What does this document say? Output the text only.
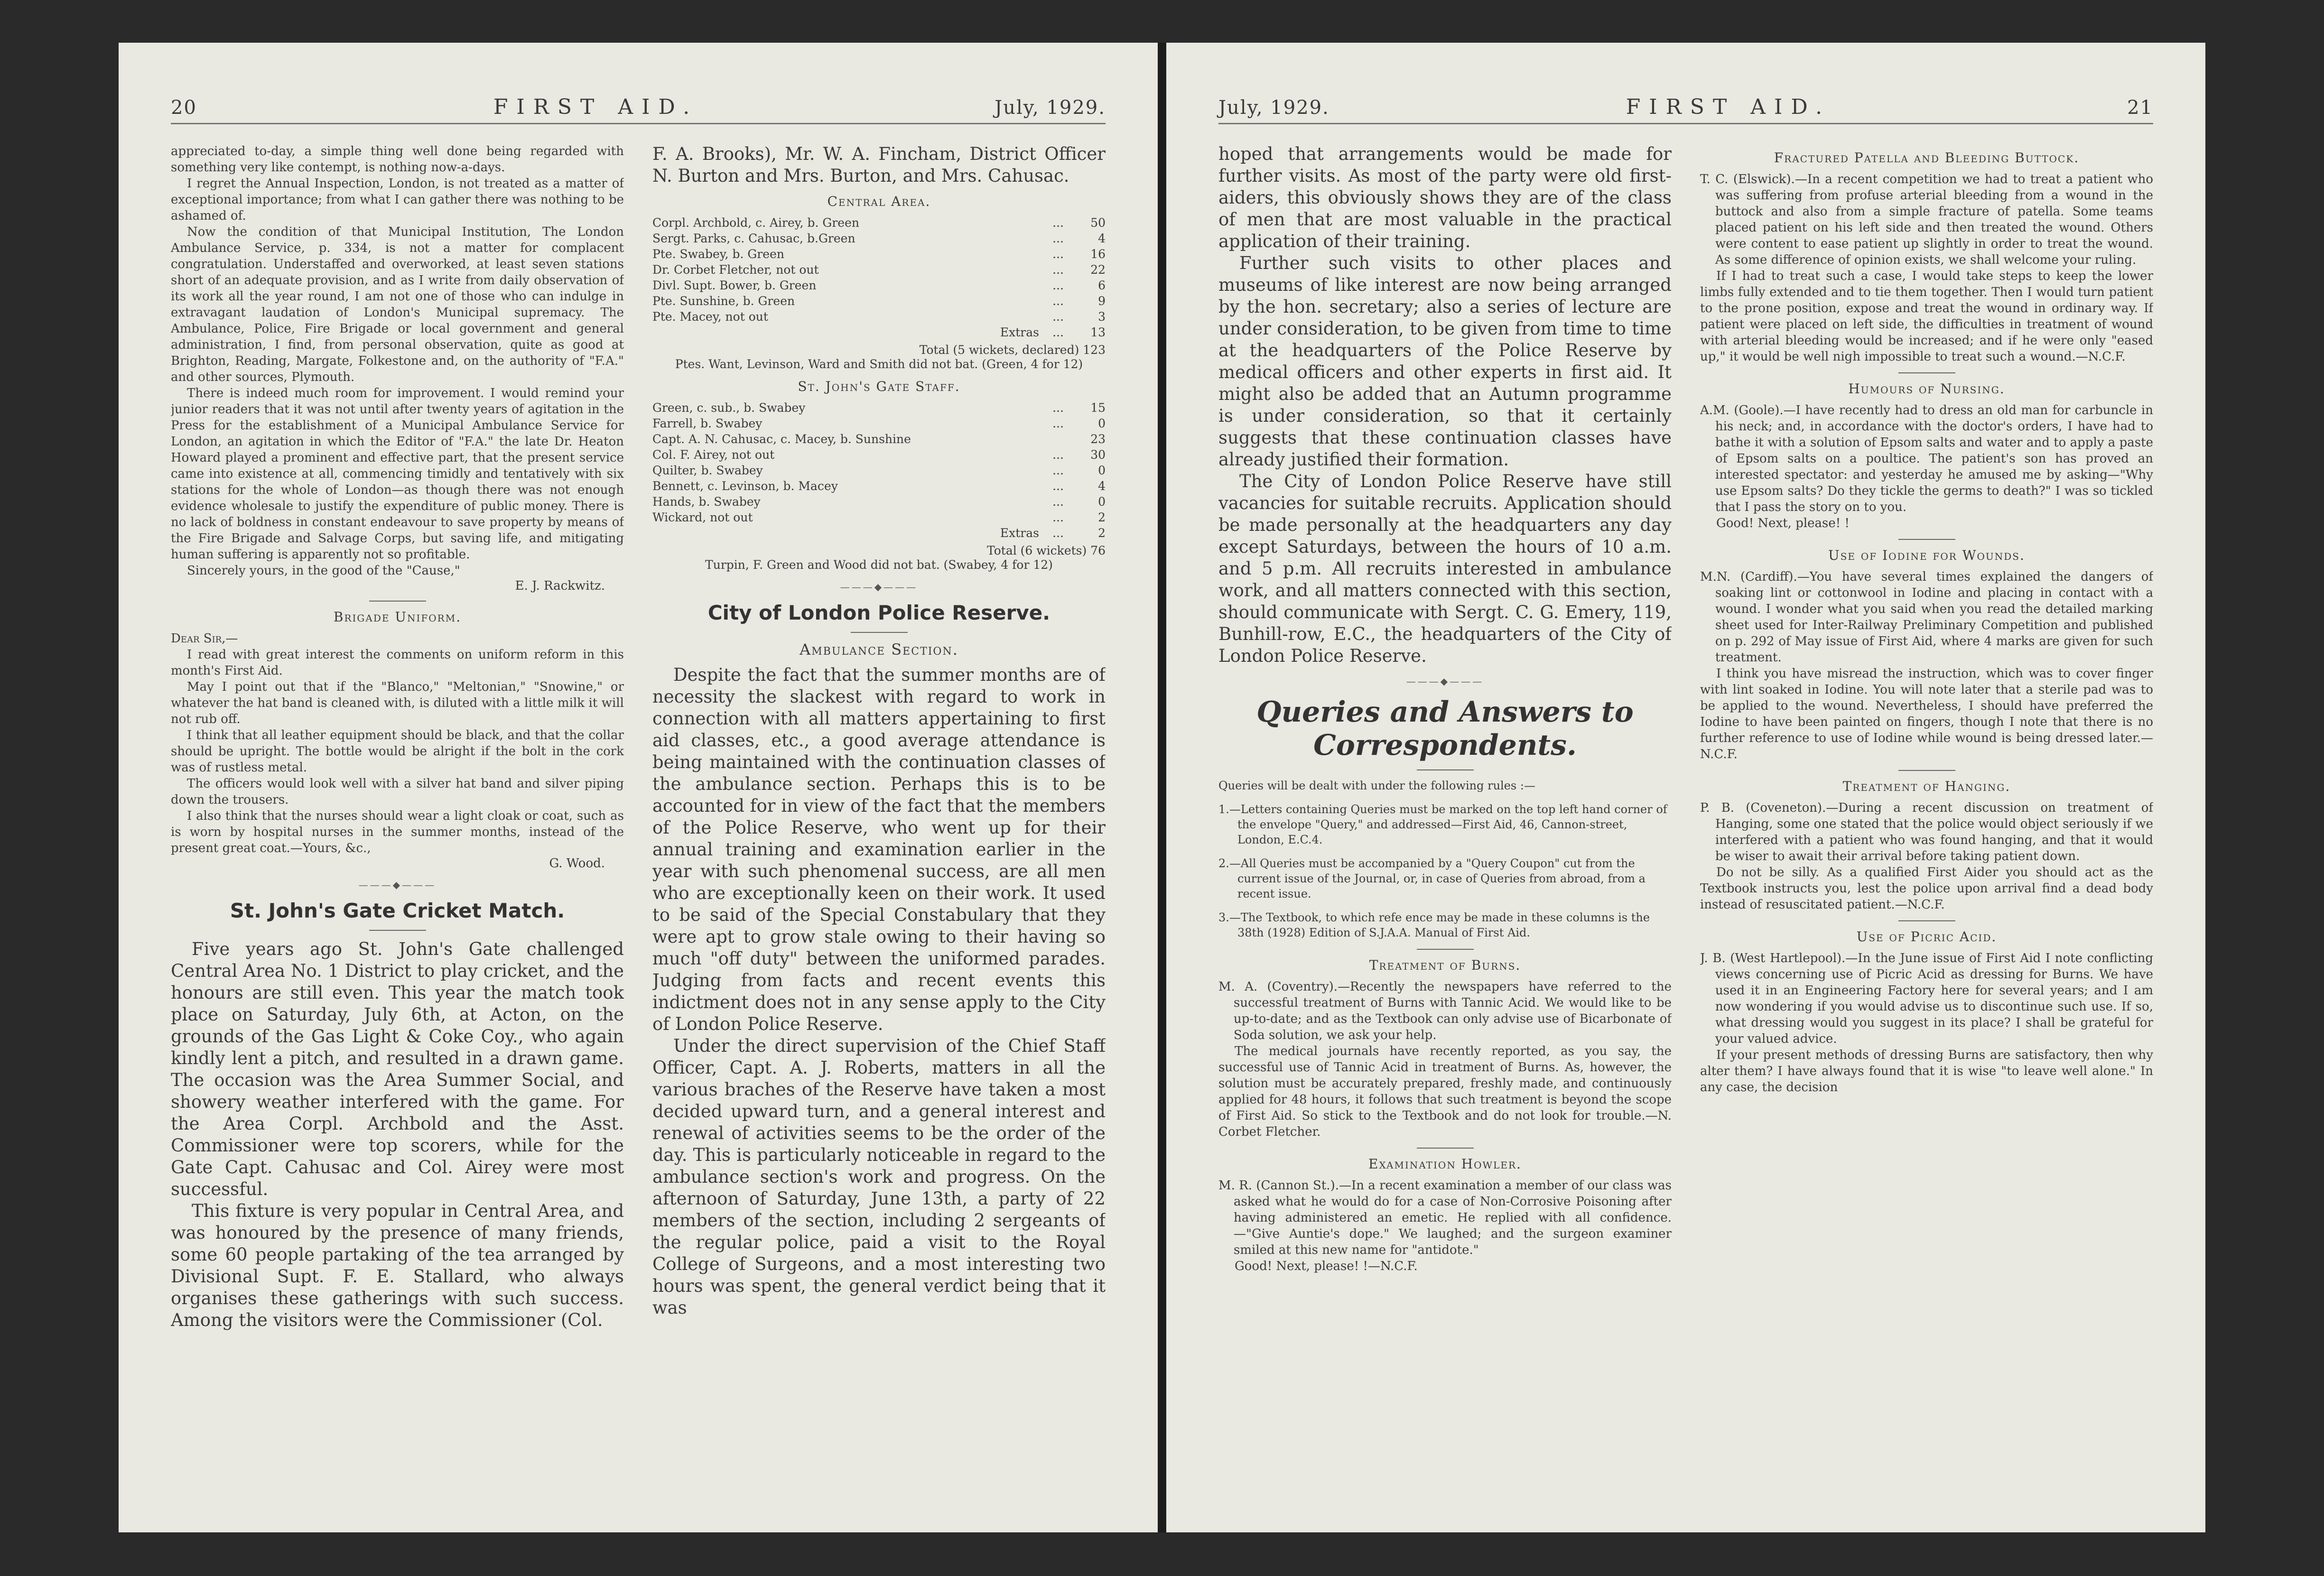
20	FIRST AID.	July, 1929.

appreciated to-day, a simple thing well done being regarded with something very like contempt, is nothing now-a-days.

I regret the Annual Inspection, London, is not treated as a matter of exceptional importance; from what I can gather there was nothing to be ashamed of.

Now the condition of that Municipal Institution, The London Ambulance Service, p. 334, is not a matter for complacent congratulation. Understaffed and overworked, at least seven stations short of an adequate provision, and as I write from daily observation of its work all the year round, I am not one of those who can indulge in extravagant laudation of London's Municipal supremacy. The Ambulance, Police, Fire Brigade or local government and general administration, I find, from personal observation, quite as good at Brighton, Reading, Margate, Folkestone and, on the authority of "F.A." and other sources, Plymouth.

There is indeed much room for improvement. I would remind your junior readers that it was not until after twenty years of agitation in the Press for the establishment of a Municipal Ambulance Service for London, an agitation in which the Editor of "F.A." the late Dr. Heaton Howard played a prominent and effective part, that the present service came into existence at all, commencing timidly and tentatively with six stations for the whole of London—as though there was not enough evidence wholesale to justify the expenditure of public money. There is no lack of boldness in constant endeavour to save property by means of the Fire Brigade and Salvage Corps, but saving life, and mitigating human suffering is apparently not so profitable.

Sincerely yours, in the good of the "Cause,"

E. J. Rackwitz.
Brigade Uniform.

Dear Sir,—

I read with great interest the comments on uniform reform in this month's First Aid.

May I point out that if the "Blanco," "Meltonian," "Snowine," or whatever the hat band is cleaned with, is diluted with a little milk it will not rub off.

I think that all leather equipment should be black, and that the collar should be upright. The bottle would be alright if the bolt in the cork was of rustless metal.

The officers would look well with a silver hat band and silver piping down the trousers.

I also think that the nurses should wear a light cloak or coat, such as is worn by hospital nurses in the summer months, instead of the present great coat.—Yours, &c.,

G. Wood.
———◆———
St. John's Gate Cricket Match.

Five years ago St. John's Gate challenged Central Area No. 1 District to play cricket, and the honours are still even. This year the match took place on Saturday, July 6th, at Acton, on the grounds of the Gas Light & Coke Coy., who again kindly lent a pitch, and resulted in a drawn game. The occasion was the Area Summer Social, and showery weather interfered with the game. For the Area Corpl. Archbold and the Asst. Commissioner were top scorers, while for the Gate Capt. Cahusac and Col. Airey were most successful.

This fixture is very popular in Central Area, and was honoured by the presence of many friends, some 60 people partaking of the tea arranged by Divisional Supt. F. E. Stallard, who always organises these gatherings with such success. Among the visitors were the Commissioner (Col.

F. A. Brooks), Mr. W. A. Fincham, District Officer N. Burton and Mrs. Burton, and Mrs. Cahusac.

Central Area.
Corpl. Archbold, c. Airey, b. Green	...	50
Sergt. Parks, c. Cahusac, b.Green	...	4
Pte. Swabey, b. Green	...	16
Dr. Corbet Fletcher, not out	...	22
Divl. Supt. Bower, b. Green	...	6
Pte. Sunshine, b. Green	...	9
Pte. Macey, not out	...	3
Extras	...	13
Total (5 wickets, declared) 123
Ptes. Want, Levinson, Ward and Smith did not bat. (Green, 4 for 12)
St. John's Gate Staff.
Green, c. sub., b. Swabey	...	15
Farrell, b. Swabey	...	0
Capt. A. N. Cahusac, c. Macey, b. Sunshine		23
Col. F. Airey, not out	...	30
Quilter, b. Swabey	...	0
Bennett, c. Levinson, b. Macey	...	4
Hands, b. Swabey	...	0
Wickard, not out	...	2
Extras	...	2
Total (6 wickets) 76
Turpin, F. Green and Wood did not bat. (Swabey, 4 for 12)
———◆———
City of London Police Reserve.
Ambulance Section.

Despite the fact that the summer months are of necessity the slackest with regard to work in connection with all matters appertaining to first aid classes, etc., a good average attendance is being maintained with the continuation classes of the ambulance section. Perhaps this is to be accounted for in view of the fact that the members of the Police Reserve, who went up for their annual training and examination earlier in the year with such phenomenal success, are all men who are exceptionally keen on their work. It used to be said of the Special Constabulary that they were apt to grow stale owing to their having so much "off duty" between the uniformed parades. Judging from facts and recent events this indictment does not in any sense apply to the City of London Police Reserve.

Under the direct supervision of the Chief Staff Officer, Capt. A. J. Roberts, matters in all the various braches of the Reserve have taken a most decided upward turn, and a general interest and renewal of activities seems to be the order of the day. This is particularly noticeable in regard to the ambulance section's work and progress. On the afternoon of Saturday, June 13th, a party of 22 members of the section, including 2 sergeants of the regular police, paid a visit to the Royal College of Surgeons, and a most interesting two hours was spent, the general verdict being that it was

July, 1929.	FIRST AID.	21

hoped that arrangements would be made for further visits. As most of the party were old first-aiders, this obviously shows they are of the class of men that are most valuable in the practical application of their training.

Further such visits to other places and museums of like interest are now being arranged by the hon. secretary; also a series of lecture are under consideration, to be given from time to time at the headquarters of the Police Reserve by medical officers and other experts in first aid. It might also be added that an Autumn programme is under consideration, so that it certainly suggests that these continuation classes have already justified their formation.

The City of London Police Reserve have still vacancies for suitable recruits. Application should be made personally at the headquarters any day except Saturdays, between the hours of 10 a.m. and 5 p.m. All recruits interested in ambulance work, and all matters connected with this section, should communicate with Sergt. C. G. Emery, 119, Bunhill-row, E.C., the headquarters of the City of London Police Reserve.

———◆———
Queries and Answers to Correspondents.
Queries will be dealt with under the following rules :—
1.—Letters containing Queries must be marked on the top left hand corner of the envelope "Query," and addressed—First Aid, 46, Cannon-street, London, E.C.4.
2.—All Queries must be accompanied by a "Query Coupon" cut from the current issue of the Journal, or, in case of Queries from abroad, from a recent issue.
3.—The Textbook, to which refe ence may be made in these columns is the 38th (1928) Edition of S.J.A.A. Manual of First Aid.
Treatment of Burns.

M. A. (Coventry).—Recently the newspapers have referred to the successful treatment of Burns with Tannic Acid. We would like to be up-to-date; and as the Textbook can only advise use of Bicarbonate of Soda solution, we ask your help.

The medical journals have recently reported, as you say, the successful use of Tannic Acid in treatment of Burns. As, however, the solution must be accurately prepared, freshly made, and continuously applied for 48 hours, it follows that such treatment is beyond the scope of First Aid. So stick to the Textbook and do not look for trouble.—N. Corbet Fletcher.

Examination Howler.

M. R. (Cannon St.).—In a recent examination a member of our class was asked what he would do for a case of Non-Corrosive Poisoning after having administered an emetic. He replied with all confidence.—"Give Auntie's dope." We laughed; and the surgeon examiner smiled at this new name for "antidote."

Good! Next, please! !—N.C.F.

Fractured Patella and Bleeding Buttock.

T. C. (Elswick).—In a recent competition we had to treat a patient who was suffering from profuse arterial bleeding from a wound in the buttock and also from a simple fracture of patella. Some teams placed patient on his left side and then treated the wound. Others were content to ease patient up slightly in order to treat the wound. As some difference of opinion exists, we shall welcome your ruling.

If I had to treat such a case, I would take steps to keep the lower limbs fully extended and to tie them together. Then I would turn patient to the prone position, expose and treat the wound in ordinary way. If patient were placed on left side, the difficulties in treatment of wound with arterial bleeding would be increased; and if he were only "eased up," it would be well nigh impossible to treat such a wound.—N.C.F.

Humours of Nursing.

A.M. (Goole).—I have recently had to dress an old man for carbuncle in his neck; and, in accordance with the doctor's orders, I have had to bathe it with a solution of Epsom salts and water and to apply a paste of Epsom salts on a poultice. The patient's son has proved an interested spectator: and yesterday he amused me by asking—"Why use Epsom salts? Do they tickle the germs to death?" I was so tickled that I pass the story on to you.

Good! Next, please! !

Use of Iodine for Wounds.

M.N. (Cardiff).—You have several times explained the dangers of soaking lint or cottonwool in Iodine and placing in contact with a wound. I wonder what you said when you read the detailed marking sheet used for Inter-Railway Preliminary Competition and published on p. 292 of May issue of First Aid, where 4 marks are given for such treatment.

I think you have misread the instruction, which was to cover finger with lint soaked in Iodine. You will note later that a sterile pad was to be applied to the wound. Nevertheless, I should have preferred the Iodine to have been painted on fingers, though I note that there is no further reference to use of Iodine while wound is being dressed later.—N.C.F.

Treatment of Hanging.

P. B. (Coveneton).—During a recent discussion on treatment of Hanging, some one stated that the police would object seriously if we interfered with a patient who was found hanging, and that it would be wiser to await their arrival before taking patient down.

Do not be silly. As a qualified First Aider you should act as the Textbook instructs you, lest the police upon arrival find a dead body instead of resuscitated patient.—N.C.F.

Use of Picric Acid.

J. B. (West Hartlepool).—In the June issue of First Aid I note conflicting views concerning use of Picric Acid as dressing for Burns. We have used it in an Engineering Factory here for several years; and I am now wondering if you would advise us to discontinue such use. If so, what dressing would you suggest in its place? I shall be grateful for your valued advice.

If your present methods of dressing Burns are satisfactory, then why alter them? I have always found that it is wise "to leave well alone." In any case, the decision
